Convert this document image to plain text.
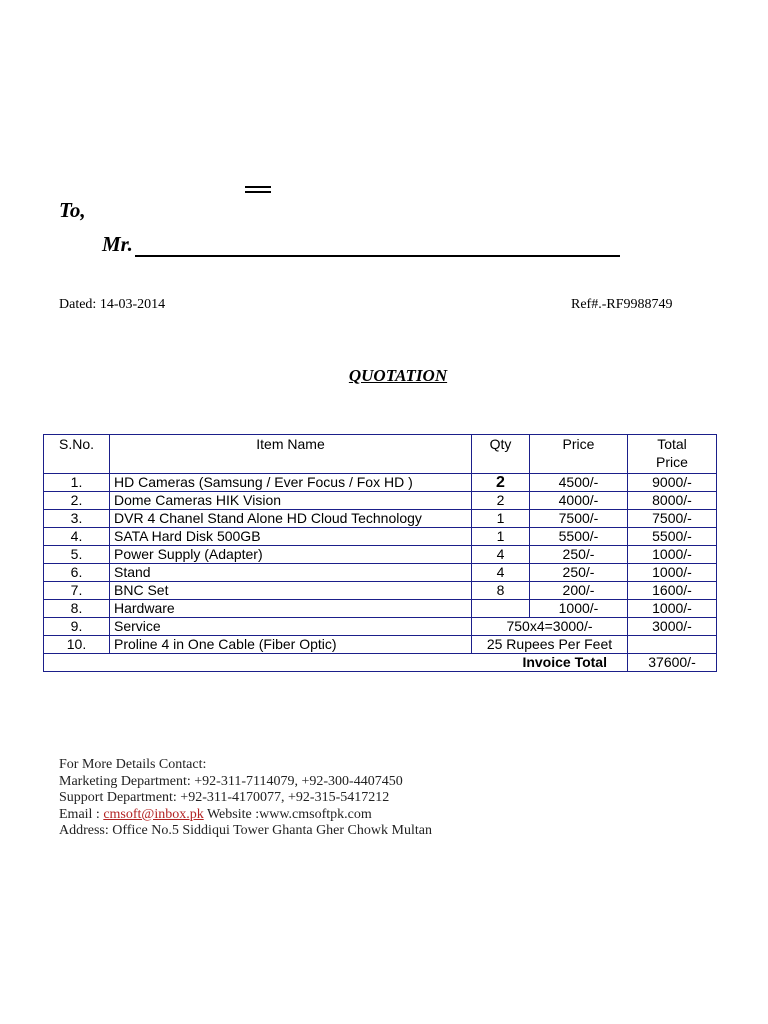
To,
Mr.
Dated: 14-03-2014	Ref#.-RF9988749
QUOTATION
S.No.	Item Name	Qty	Price	Total Price
1.	HD Cameras (Samsung / Ever Focus / Fox HD )	2	4500/-	9000/-
2.	Dome Cameras HIK Vision	2	4000/-	8000/-
3.	DVR 4 Chanel Stand Alone HD Cloud Technology	1	7500/-	7500/-
4.	SATA Hard Disk 500GB	1	5500/-	5500/-
5.	Power Supply (Adapter)	4	250/-	1000/-
6.	Stand	4	250/-	1000/-
7.	BNC Set	8	200/-	1600/-
8.	Hardware		1000/-	1000/-
9.	Service	750x4=3000/-		3000/-
10.	Proline 4 in One Cable (Fiber Optic)	25 Rupees Per Feet		
Invoice Total				37600/-
For More Details Contact:
Marketing Department: +92-311-7114079, +92-300-4407450
Support Department: +92-311-4170077, +92-315-5417212
Email : cmsoft@inbox.pk Website :www.cmsoftpk.com
Address: Office No.5 Siddiqui Tower Ghanta Gher Chowk Multan
